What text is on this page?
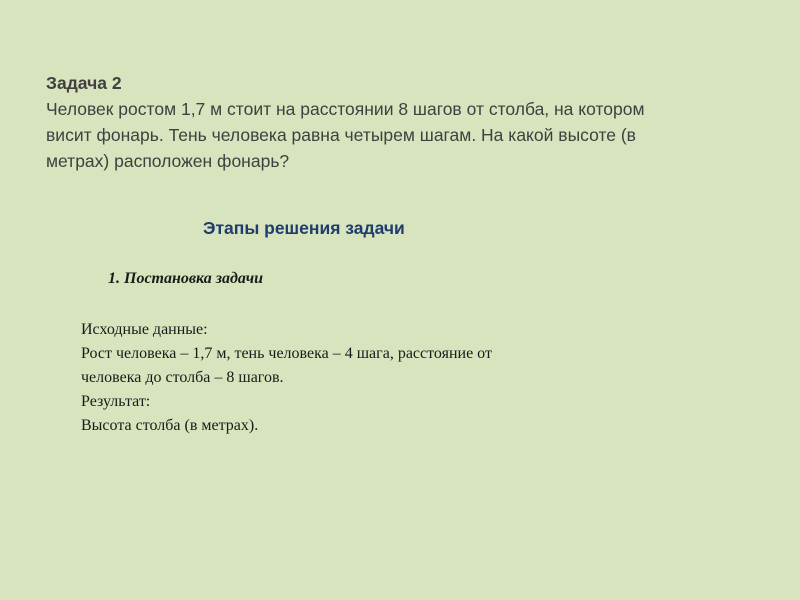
Задача 2
Человек ростом 1,7 м стоит на расстоянии 8 шагов от столба, на котором
висит фонарь. Тень человека равна четырем шагам. На какой высоте (в
метрах) расположен фонарь?
Этапы решения задачи
1. Постановка задачи
Исходные данные:
Рост человека – 1,7 м, тень человека – 4 шага, расстояние от
человека до столба – 8 шагов.
Результат:
Высота столба (в метрах).
